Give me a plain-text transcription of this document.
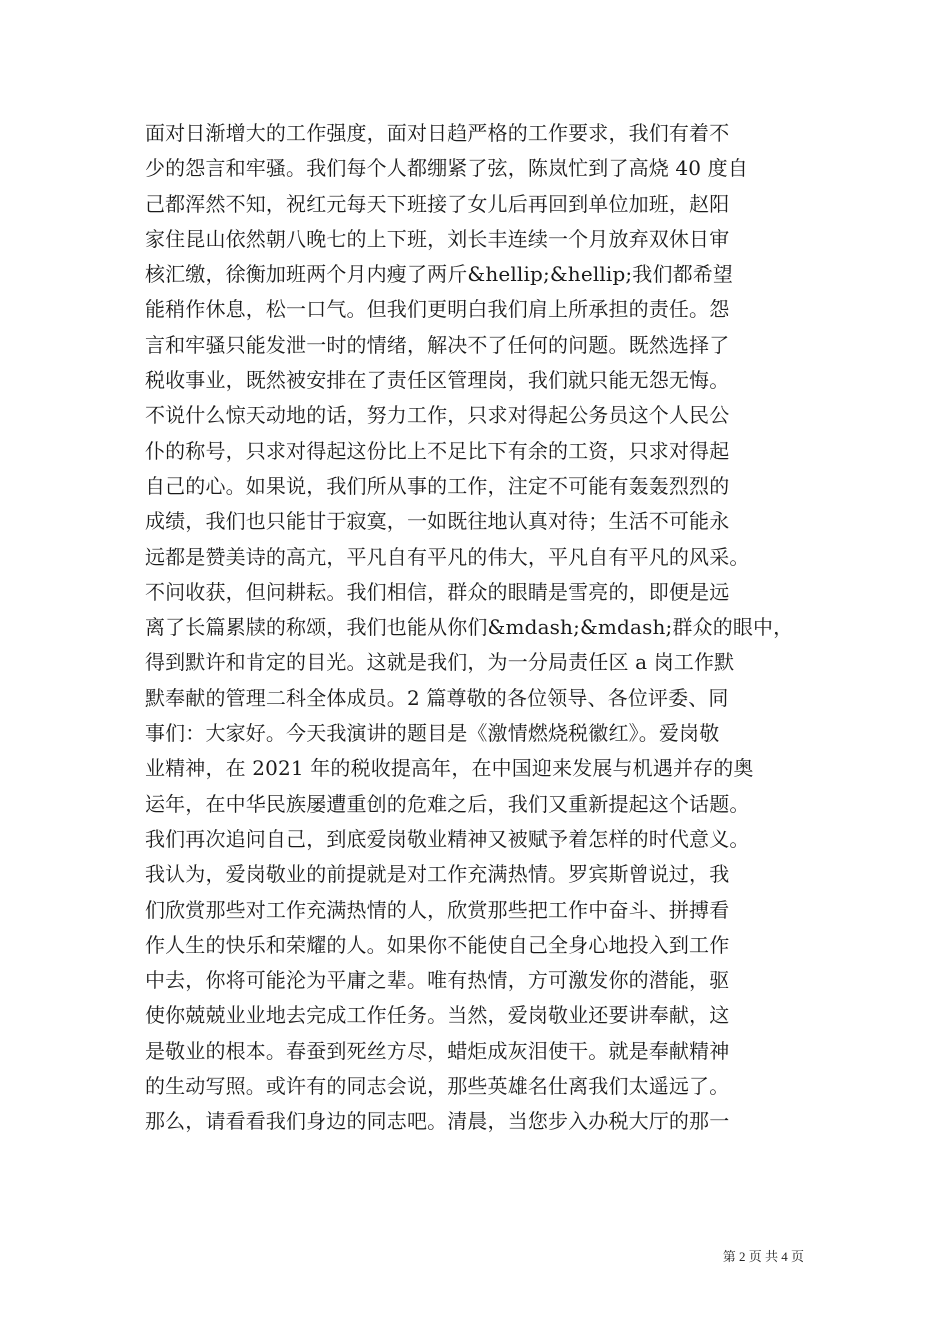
面对日渐增大的工作强度，面对日趋严格的工作要求，我们有着不
少的怨言和牢骚。我们每个人都绷紧了弦，陈岚忙到了高烧 40 度自
己都浑然不知，祝红元每天下班接了女儿后再回到单位加班，赵阳
家住昆山依然朝八晚七的上下班，刘长丰连续一个月放弃双休日审
核汇缴，徐衡加班两个月内瘦了两斤&hellip;&hellip;我们都希望
能稍作休息，松一口气。但我们更明白我们肩上所承担的责任。怨
言和牢骚只能发泄一时的情绪，解决不了任何的问题。既然选择了
税收事业，既然被安排在了责任区管理岗，我们就只能无怨无悔。
不说什么惊天动地的话，努力工作，只求对得起公务员这个人民公
仆的称号，只求对得起这份比上不足比下有余的工资，只求对得起
自己的心。如果说，我们所从事的工作，注定不可能有轰轰烈烈的
成绩，我们也只能甘于寂寞，一如既往地认真对待；生活不可能永
远都是赞美诗的高亢，平凡自有平凡的伟大，平凡自有平凡的风采。
不问收获，但问耕耘。我们相信，群众的眼睛是雪亮的，即便是远
离了长篇累牍的称颂，我们也能从你们&mdash;&mdash;群众的眼中，
得到默许和肯定的目光。这就是我们，为一分局责任区 a 岗工作默
默奉献的管理二科全体成员。2 篇尊敬的各位领导、各位评委、同
事们：大家好。今天我演讲的题目是《激情燃烧税徽红》。爱岗敬
业精神，在 2021 年的税收提高年，在中国迎来发展与机遇并存的奥
运年，在中华民族屡遭重创的危难之后，我们又重新提起这个话题。
我们再次追问自己，到底爱岗敬业精神又被赋予着怎样的时代意义。
我认为，爱岗敬业的前提就是对工作充满热情。罗宾斯曾说过，我
们欣赏那些对工作充满热情的人，欣赏那些把工作中奋斗、拼搏看
作人生的快乐和荣耀的人。如果你不能使自己全身心地投入到工作
中去，你将可能沦为平庸之辈。唯有热情，方可激发你的潜能，驱
使你兢兢业业地去完成工作任务。当然，爱岗敬业还要讲奉献，这
是敬业的根本。春蚕到死丝方尽，蜡炬成灰泪使干。就是奉献精神
的生动写照。或许有的同志会说，那些英雄名仕离我们太遥远了。
那么，请看看我们身边的同志吧。清晨，当您步入办税大厅的那一
第 2 页 共 4 页
